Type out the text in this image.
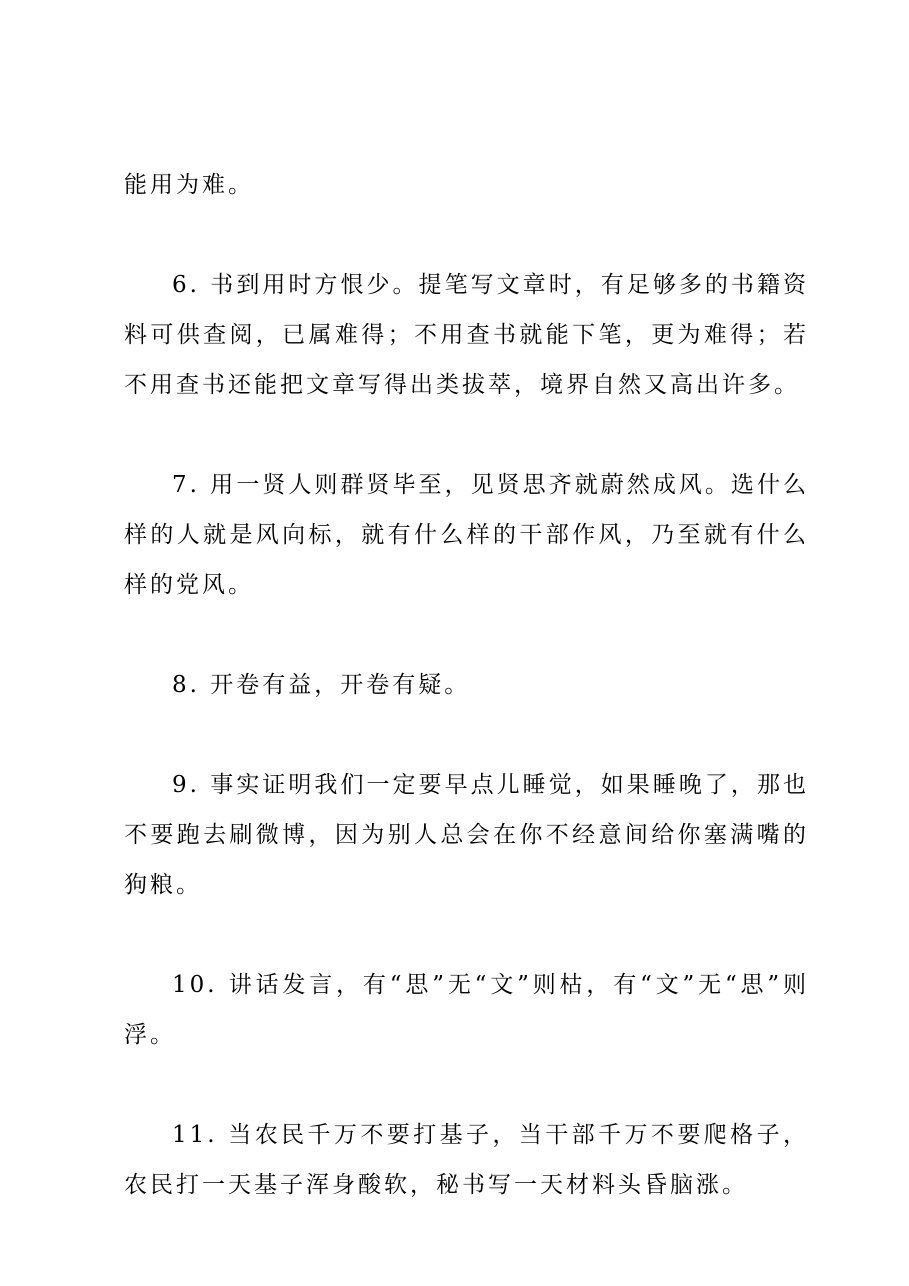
能用为难。

6. 书到用时方恨少。提笔写文章时，有足够多的书籍资料可供查阅，已属难得；不用查书就能下笔，更为难得；若不用查书还能把文章写得出类拔萃，境界自然又高出许多。

7. 用一贤人则群贤毕至，见贤思齐就蔚然成风。选什么样的人就是风向标，就有什么样的干部作风，乃至就有什么样的党风。

8. 开卷有益，开卷有疑。

9. 事实证明我们一定要早点儿睡觉，如果睡晚了，那也不要跑去刷微博，因为别人总会在你不经意间给你塞满嘴的狗粮。

10. 讲话发言，有“思”无“文”则枯，有“文”无“思”则浮。

11. 当农民千万不要打基子，当干部千万不要爬格子，农民打一天基子浑身酸软，秘书写一天材料头昏脑涨。
